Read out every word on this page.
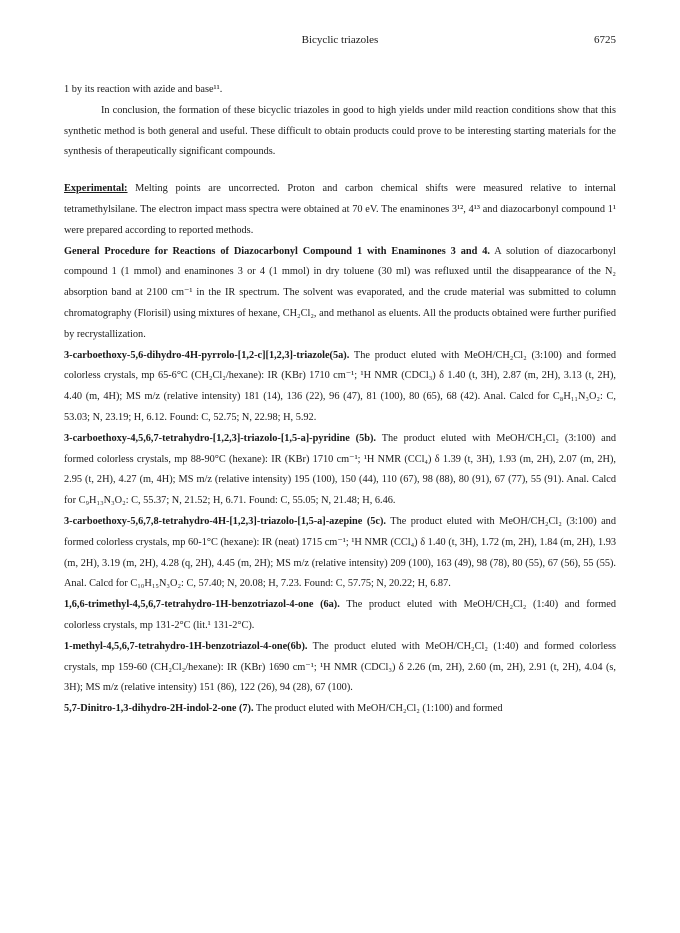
Bicyclic triazoles	6725

1 by its reaction with azide and base¹¹.

In conclusion, the formation of these bicyclic triazoles in good to high yields under mild reaction conditions show that this synthetic method is both general and useful. These difficult to obtain products could prove to be interesting starting materials for the synthesis of therapeutically significant compounds.

Experimental: Melting points are uncorrected. Proton and carbon chemical shifts were measured relative to internal tetramethylsilane. The electron impact mass spectra were obtained at 70 eV. The enaminones 3¹², 4¹³ and diazocarbonyl compound 1¹ were prepared according to reported methods.

General Procedure for Reactions of Diazocarbonyl Compound 1 with Enaminones 3 and 4. A solution of diazocarbonyl compound 1 (1 mmol) and enaminones 3 or 4 (1 mmol) in dry toluene (30 ml) was refluxed until the disappearance of the N₂ absorption band at 2100 cm⁻¹ in the IR spectrum. The solvent was evaporated, and the crude material was submitted to column chromatography (Florisil) using mixtures of hexane, CH₂Cl₂, and methanol as eluents. All the products obtained were further purified by recrystallization.

3-carboethoxy-5,6-dihydro-4H-pyrrolo-[1,2-c][1,2,3]-triazole(5a). The product eluted with MeOH/CH₂Cl₂ (3:100) and formed colorless crystals, mp 65-6°C (CH₂Cl₂/hexane): IR (KBr) 1710 cm⁻¹; ¹H NMR (CDCl₃) δ 1.40 (t, 3H), 2.87 (m, 2H), 3.13 (t, 2H), 4.40 (m, 4H); MS m/z (relative intensity) 181 (14), 136 (22), 96 (47), 81 (100), 80 (65), 68 (42). Anal. Calcd for C₈H₁₁N₃O₂: C, 53.03; N, 23.19; H, 6.12. Found: C, 52.75; N, 22.98; H, 5.92.

3-carboethoxy-4,5,6,7-tetrahydro-[1,2,3]-triazolo-[1,5-a]-pyridine (5b). The product eluted with MeOH/CH₂Cl₂ (3:100) and formed colorless crystals, mp 88-90°C (hexane): IR (KBr) 1710 cm⁻¹; ¹H NMR (CCl₄) δ 1.39 (t, 3H), 1.93 (m, 2H), 2.07 (m, 2H), 2.95 (t, 2H), 4.27 (m, 4H); MS m/z (relative intensity) 195 (100), 150 (44), 110 (67), 98 (88), 80 (91), 67 (77), 55 (91). Anal. Calcd for C₉H₁₃N₃O₂: C, 55.37; N, 21.52; H, 6.71. Found: C, 55.05; N, 21.48; H, 6.46.

3-carboethoxy-5,6,7,8-tetrahydro-4H-[1,2,3]-triazolo-[1,5-a]-azepine (5c). The product eluted with MeOH/CH₂Cl₂ (3:100) and formed colorless crystals, mp 60-1°C (hexane): IR (neat) 1715 cm⁻¹; ¹H NMR (CCl₄) δ 1.40 (t, 3H), 1.72 (m, 2H), 1.84 (m, 2H), 1.93 (m, 2H), 3.19 (m, 2H), 4.28 (q, 2H), 4.45 (m, 2H); MS m/z (relative intensity) 209 (100), 163 (49), 98 (78), 80 (55), 67 (56), 55 (55). Anal. Calcd for C₁₀H₁₅N₃O₂: C, 57.40; N, 20.08; H, 7.23. Found: C, 57.75; N, 20.22; H, 6.87.

1,6,6-trimethyl-4,5,6,7-tetrahydro-1H-benzotriazol-4-one (6a). The product eluted with MeOH/CH₂Cl₂ (1:40) and formed colorless crystals, mp 131-2°C (lit.¹ 131-2°C).

1-methyl-4,5,6,7-tetrahydro-1H-benzotriazol-4-one(6b). The product eluted with MeOH/CH₂Cl₂ (1:40) and formed colorless crystals, mp 159-60 (CH₂Cl₂/hexane): IR (KBr) 1690 cm⁻¹; ¹H NMR (CDCl₃) δ 2.26 (m, 2H), 2.60 (m, 2H), 2.91 (t, 2H), 4.04 (s, 3H); MS m/z (relative intensity) 151 (86), 122 (26), 94 (28), 67 (100).

5,7-Dinitro-1,3-dihydro-2H-indol-2-one (7). The product eluted with MeOH/CH₂Cl₂ (1:100) and formed
